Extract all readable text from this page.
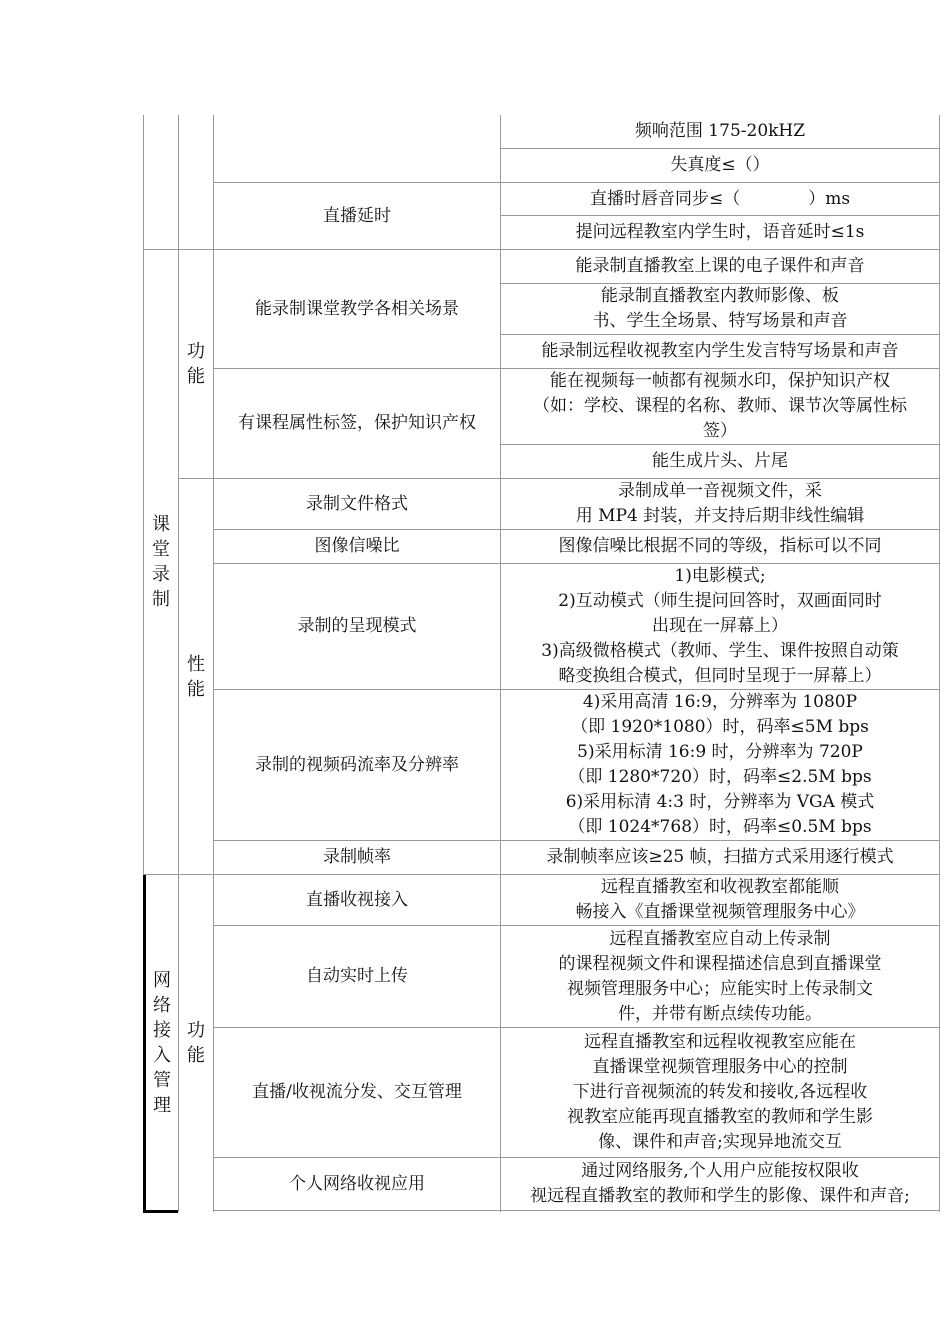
课
堂
录
制
网
络
接
入
管
理
功
能
性
能
功
能
直播延时
能录制课堂教学各相关场景
有课程属性标签，保护知识产权
录制文件格式
图像信噪比
录制的呈现模式
录制的视频码流率及分辨率
录制帧率
直播收视接入
自动实时上传
直播/收视流分发、交互管理
个人网络收视应用
频响范围 175-20kHZ
失真度≤（）
直播时唇音同步≤（　　　　）ms
提问远程教室内学生时，语音延时≤1s
能录制直播教室上课的电子课件和声音
能录制直播教室内教师影像、板
书、学生全场景、特写场景和声音
能录制远程收视教室内学生发言特写场景和声音
能在视频每一帧都有视频水印，保护知识产权
（如：学校、课程的名称、教师、课节次等属性标
签）
能生成片头、片尾
录制成单一音视频文件，采
用 MP4 封装，并支持后期非线性编辑
图像信噪比根据不同的等级，指标可以不同
1)电影模式;
2)互动模式（师生提问回答时，双画面同时
出现在一屏幕上）
3)高级微格模式（教师、学生、课件按照自动策
略变换组合模式，但同时呈现于一屏幕上）
4)采用高清 16:9，分辨率为 1080P
（即 1920*1080）时，码率≤5M bps
5)采用标清 16:9 时，分辨率为 720P
（即 1280*720）时，码率≤2.5M bps
6)采用标清 4:3 时，分辨率为 VGA 模式
（即 1024*768）时，码率≤0.5M bps
录制帧率应该≥25 帧，扫描方式采用逐行模式
远程直播教室和收视教室都能顺
畅接入《直播课堂视频管理服务中心》
远程直播教室应自动上传录制
的课程视频文件和课程描述信息到直播课堂
视频管理服务中心；应能实时上传录制文
件，并带有断点续传功能。
远程直播教室和远程收视教室应能在
直播课堂视频管理服务中心的控制
下进行音视频流的转发和接收,各远程收
视教室应能再现直播教室的教师和学生影
像、课件和声音;实现异地流交互
通过网络服务,个人用户应能按权限收
视远程直播教室的教师和学生的影像、课件和声音;
